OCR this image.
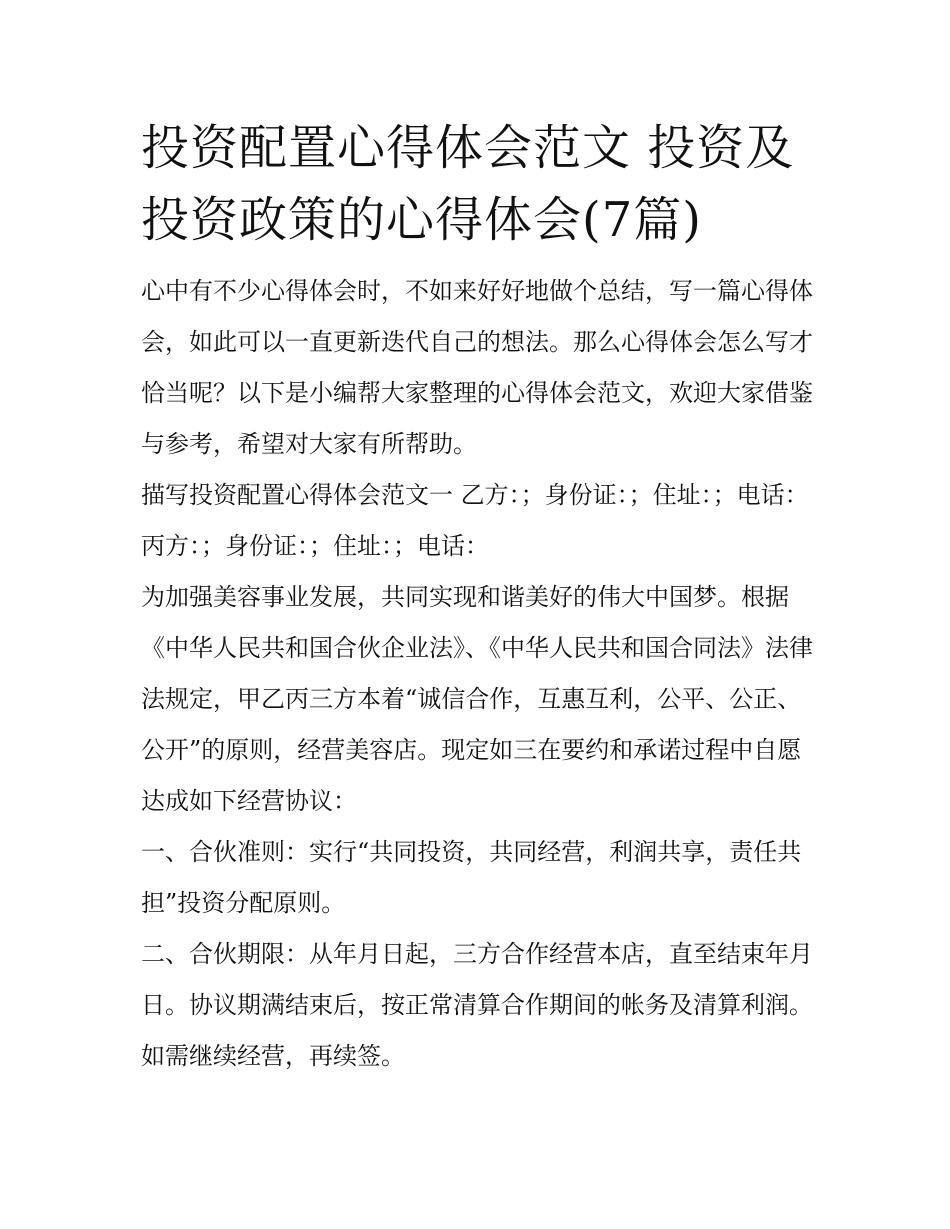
投资配置心得体会范文 投资及投资政策的心得体会(7篇)

心中有不少心得体会时，不如来好好地做个总结，写一篇心得体会，如此可以一直更新迭代自己的想法。那么心得体会怎么写才恰当呢？以下是小编帮大家整理的心得体会范文，欢迎大家借鉴与参考，希望对大家有所帮助。

描写投资配置心得体会范文一 乙方：；身份证：；住址：；电话： 丙方：；身份证：；住址：；电话：

为加强美容事业发展，共同实现和谐美好的伟大中国梦。根据《中华人民共和国合伙企业法》、《中华人民共和国合同法》法律法规定，甲乙丙三方本着“诚信合作，互惠互利，公平、公正、公开”的原则，经营美容店。现定如三在要约和承诺过程中自愿达成如下经营协议：

一、合伙准则：实行“共同投资，共同经营，利润共享，责任共担”投资分配原则。

二、合伙期限：从年月日起，三方合作经营本店，直至结束年月日。协议期满结束后，按正常清算合作期间的帐务及清算利润。如需继续经营，再续签。
